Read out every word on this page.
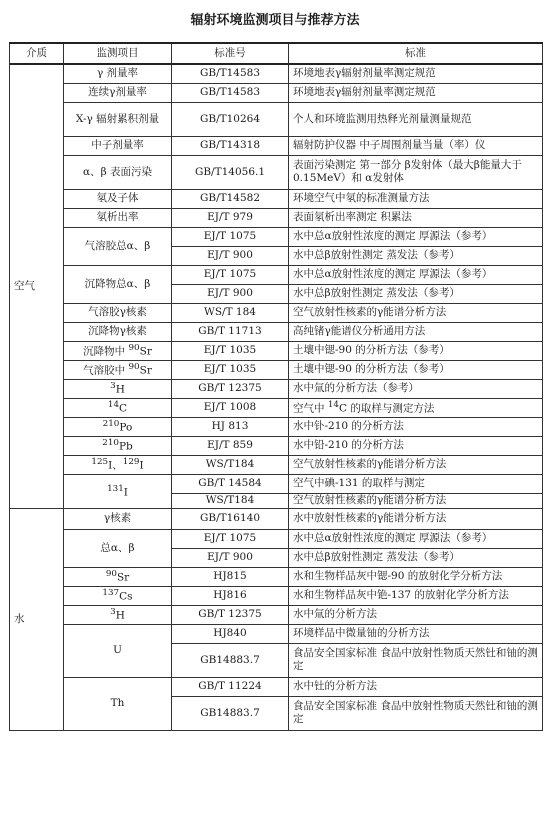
辐射环境监测项目与推荐方法
介质	监测项目	标准号	标准
空气	γ 剂量率	GB/T14583	环境地表γ辐射剂量率测定规范
	连续γ剂量率	GB/T14583	环境地表γ辐射剂量率测定规范
	X-γ 辐射累积剂量	GB/T10264	个人和环境监测用热释光剂量测量规范
	中子剂量率	GB/T14318	辐射防护仪器 中子周围剂量当量（率）仪
	α、β 表面污染	GB/T14056.1	表面污染测定 第一部分 β发射体（最大β能量大于 0.15MeV）和 α发射体
	氡及子体	GB/T14582	环境空气中氡的标准测量方法
	氡析出率	EJ/T 979	表面氡析出率测定 积累法
	气溶胶总α、β	EJ/T 1075	水中总α放射性浓度的测定 厚源法（参考）
		EJ/T 900	水中总β放射性测定 蒸发法（参考）
	沉降物总α、β	EJ/T 1075	水中总α放射性浓度的测定 厚源法（参考）
		EJ/T 900	水中总β放射性测定 蒸发法（参考）
	气溶胶γ核素	WS/T 184	空气放射性核素的γ能谱分析方法
	沉降物γ核素	GB/T 11713	高纯锗γ能谱仪分析通用方法
	沉降物中 $^{90}$Sr	EJ/T 1035	土壤中锶-90 的分析方法（参考）
	气溶胶中 $^{90}$Sr	EJ/T 1035	土壤中锶-90 的分析方法（参考）
	$^3$H	GB/T 12375	水中氚的分析方法（参考）
	$^{14}$C	EJ/T 1008	空气中 $^{14}$C 的取样与测定方法
	$^{210}$Po	HJ 813	水中钋-210 的分析方法
	$^{210}$Pb	EJ/T 859	水中铅-210 的分析方法
	$^{125}$I、$^{129}$I	WS/T184	空气放射性核素的γ能谱分析方法
	$^{131}$I	GB/T 14584	空气中碘-131 的取样与测定
		WS/T184	空气放射性核素的γ能谱分析方法
水	γ核素	GB/T16140	水中放射性核素的γ能谱分析方法
	总α、β	EJ/T 1075	水中总α放射性浓度的测定 厚源法（参考）
		EJ/T 900	水中总β放射性测定 蒸发法（参考）
	$^{90}$Sr	HJ815	水和生物样品灰中锶-90 的放射化学分析方法
	$^{137}$Cs	HJ816	水和生物样品灰中铯-137 的放射化学分析方法
	$^3$H	GB/T 12375	水中氚的分析方法
	U	HJ840	环境样品中微量铀的分析方法
		GB14883.7	食品安全国家标准 食品中放射性物质天然钍和铀的测定
	Th	GB/T 11224	水中钍的分析方法
		GB14883.7	食品安全国家标准 食品中放射性物质天然钍和铀的测定
